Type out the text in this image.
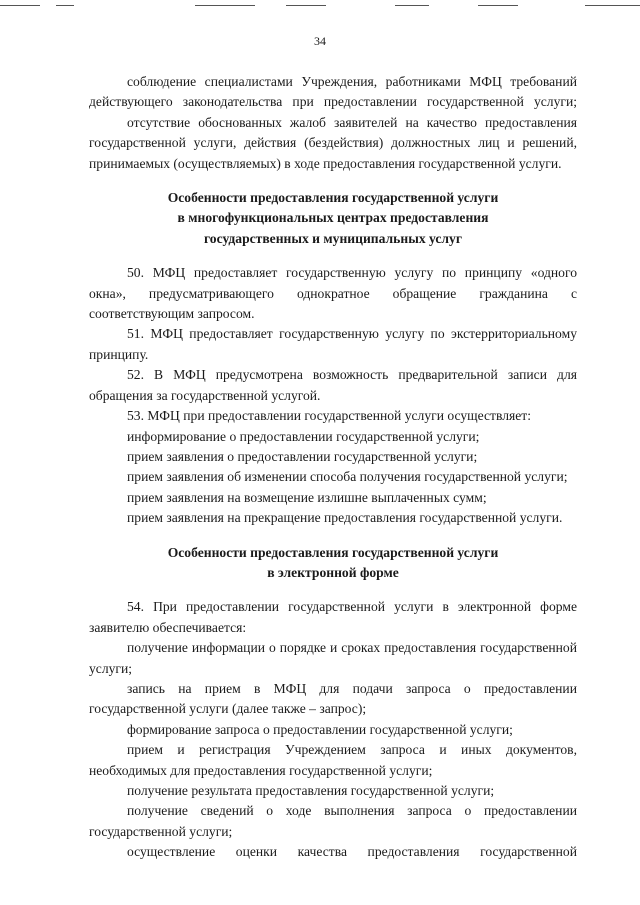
34

соблюдение специалистами Учреждения, работниками МФЦ требований действующего законодательства при предоставлении государственной услуги;

отсутствие обоснованных жалоб заявителей на качество предоставления государственной услуги, действия (бездействия) должностных лиц и решений, принимаемых (осуществляемых) в ходе предоставления государственной услуги.

Особенности предоставления государственной услуги
в многофункциональных центрах предоставления
государственных и муниципальных услуг

50. МФЦ предоставляет государственную услугу по принципу «одного окна», предусматривающего однократное обращение гражданина с соответствующим запросом.

51. МФЦ предоставляет государственную услугу по экстерриториальному принципу.

52. В МФЦ предусмотрена возможность предварительной записи для обращения за государственной услугой.

53. МФЦ при предоставлении государственной услуги осуществляет:

информирование о предоставлении государственной услуги;

прием заявления о предоставлении государственной услуги;

прием заявления об изменении способа получения государственной услуги;

прием заявления на возмещение излишне выплаченных сумм;

прием заявления на прекращение предоставления государственной услуги.

Особенности предоставления государственной услуги
в электронной форме

54. При предоставлении государственной услуги в электронной форме заявителю обеспечивается:

получение информации о порядке и сроках предоставления государственной услуги;

запись на прием в МФЦ для подачи запроса о предоставлении государственной услуги (далее также – запрос);

формирование запроса о предоставлении государственной услуги;

прием и регистрация Учреждением запроса и иных документов, необходимых для предоставления государственной услуги;

получение результата предоставления государственной услуги;

получение сведений о ходе выполнения запроса о предоставлении государственной услуги;

осуществление оценки качества предоставления государственной
